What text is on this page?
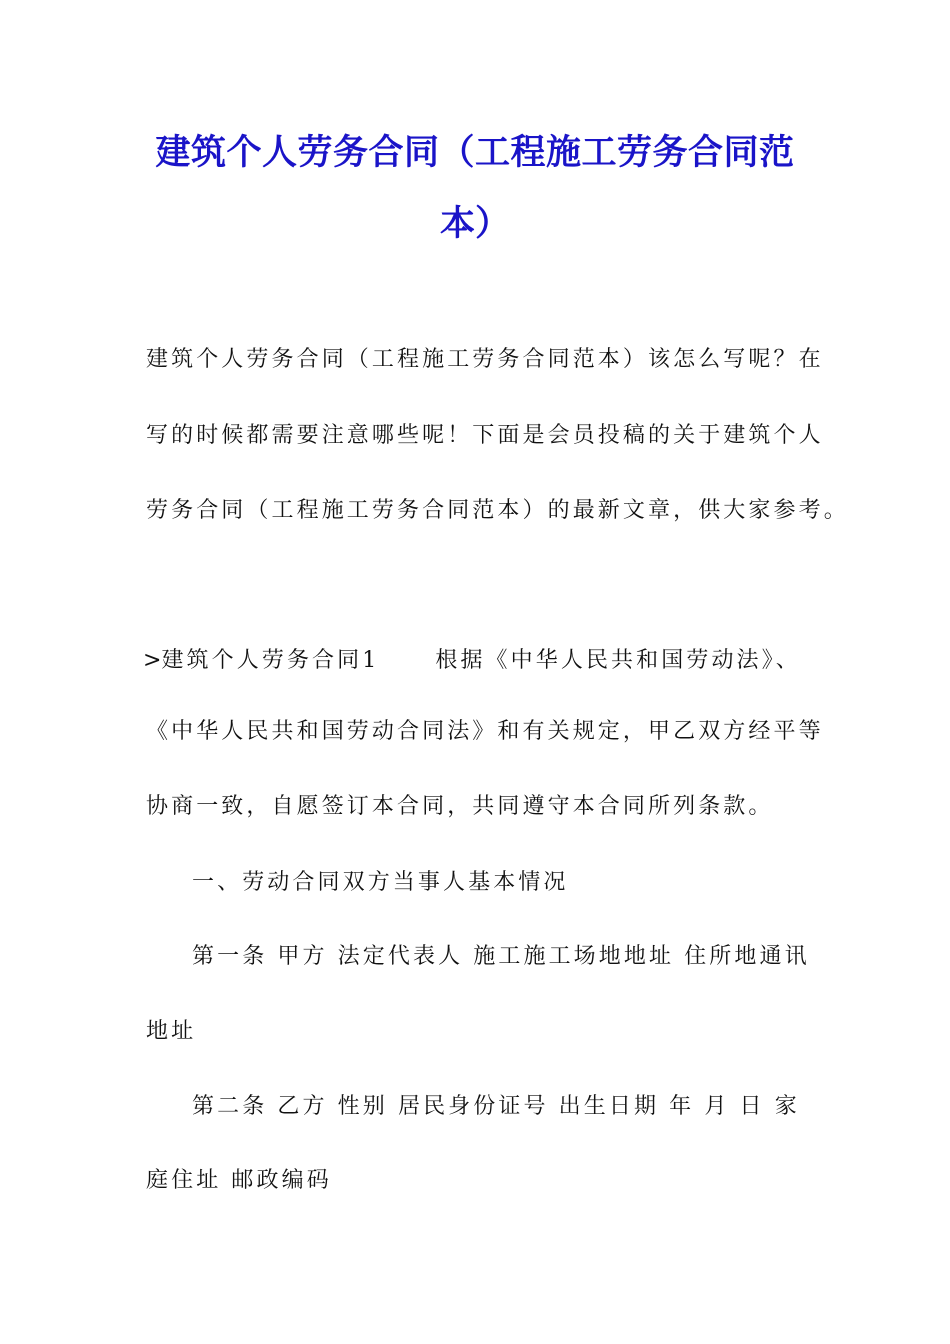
建筑个人劳务合同（工程施工劳务合同范
本）
建筑个人劳务合同（工程施工劳务合同范本）该怎么写呢？在
写的时候都需要注意哪些呢！下面是会员投稿的关于建筑个人
劳务合同（工程施工劳务合同范本）的最新文章，供大家参考。
>建筑个人劳务合同1	根据《中华人民共和国劳动法》、
《中华人民共和国劳动合同法》和有关规定，甲乙双方经平等
协商一致，自愿签订本合同，共同遵守本合同所列条款。
一、劳动合同双方当事人基本情况
第一条 甲方 法定代表人 施工施工场地地址 住所地通讯
地址
第二条 乙方 性别 居民身份证号 出生日期 年 月 日 家
庭住址 邮政编码
